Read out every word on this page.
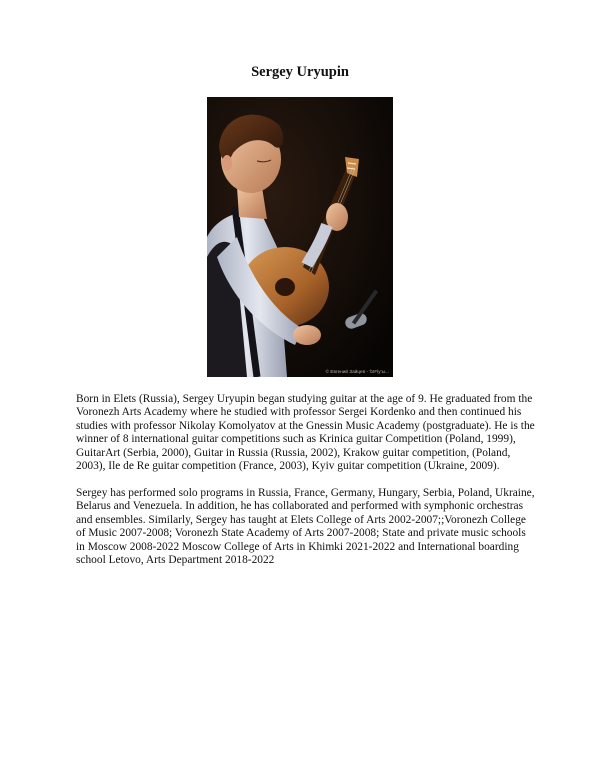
Sergey Uryupin
© Евгений Зайцев - 'bIFly'ы...

Born in Elets (Russia), Sergey Uryupin began studying guitar at the age of 9. He graduated from the Voronezh Arts Academy where he studied with professor Sergei Kordenko and then continued his studies with professor Nikolay Komolyatov at the Gnessin Music Academy (postgraduate). He is the winner of 8 international guitar competitions such as Krinica guitar Competition (Poland, 1999), GuitarArt (Serbia, 2000), Guitar in Russia (Russia, 2002), Krakow guitar competition, (Poland, 2003), Ile de Re guitar competition (France, 2003), Kyiv guitar competition (Ukraine, 2009).

Sergey has performed solo programs in Russia, France, Germany, Hungary, Serbia, Poland, Ukraine, Belarus and Venezuela. In addition, he has collaborated and performed with symphonic orchestras and ensembles. Similarly, Sergey has taught at Elets College of Arts 2002-2007;;Voronezh College of Music 2007-2008; Voronezh State Academy of Arts 2007-2008; State and private music schools in Moscow 2008-2022 Moscow College of Arts in Khimki 2021-2022 and International boarding school Letovo, Arts Department 2018-2022
